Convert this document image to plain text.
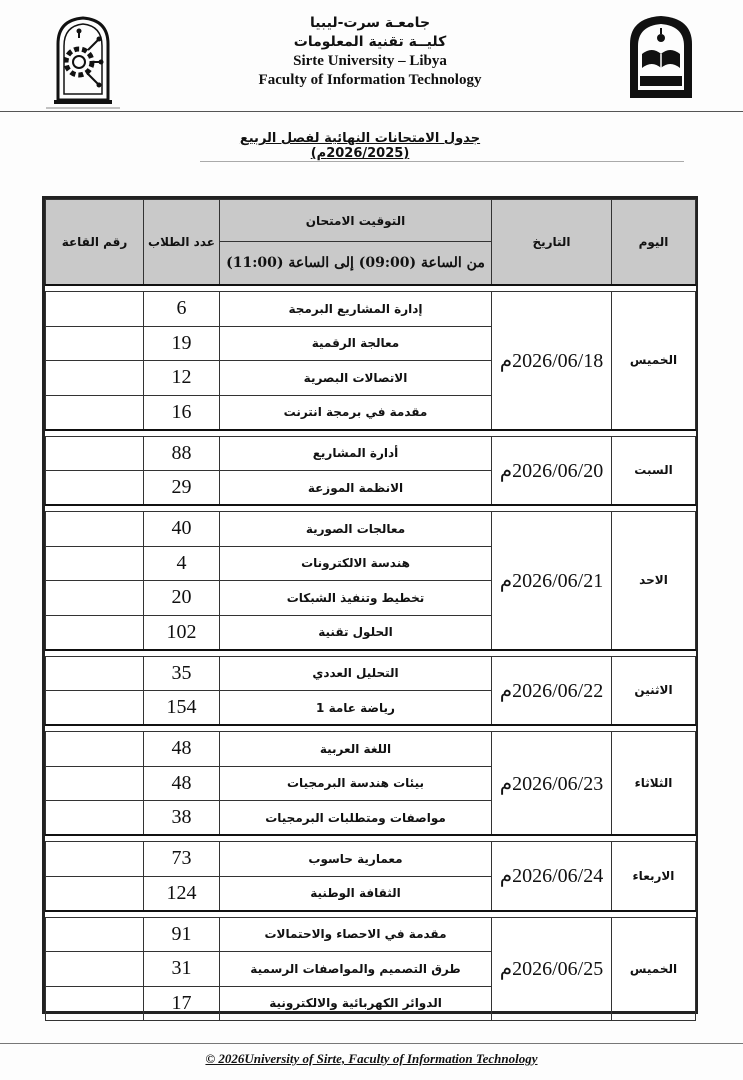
جامعـة سرت-ليبيا
كليــة تقنية المعلومات
Sirte University – Libya
Faculty of Information Technology
جدول الامتحانات النهائية لفصل الربيع (2026/2025م)
اليوم	التاريخ	التوقيت الامتحان	عدد الطلاب	رقم القاعة
		من الساعة (09:00) إلى الساعة (11:00)		

الخميس	2026/06/18م	إدارة المشاريع البرمجة	6	
		معالجة الرقمية	19	
		الاتصالات البصرية	12	
		مقدمة في برمجة انترنت	16	

السبت	2026/06/20م	أدارة المشاريع	88	
		الانظمة الموزعة	29	

الاحد	2026/06/21م	معالجات الصورية	40	
		هندسة الالكترونات	4	
		تخطيط وتنفيذ الشبكات	20	
		الحلول تقنية	102	

الاثنين	2026/06/22م	التحليل العددي	35	
		رياضة عامة 1	154	

الثلاثاء	2026/06/23م	اللغة العربية	48	
		بيئات هندسة البرمجيات	48	
		مواصفات ومتطلبات البرمجيات	38	

الاربعاء	2026/06/24م	معمارية حاسوب	73	
		الثقافة الوطنية	124	

الخميس	2026/06/25م	مقدمة في الاحصاء والاحتمالات	91	
		طرق التصميم والمواصفات الرسمية	31	
		الدوائر الكهربائية والالكترونية	17	
© 2026University of Sirte, Faculty of Information Technology
